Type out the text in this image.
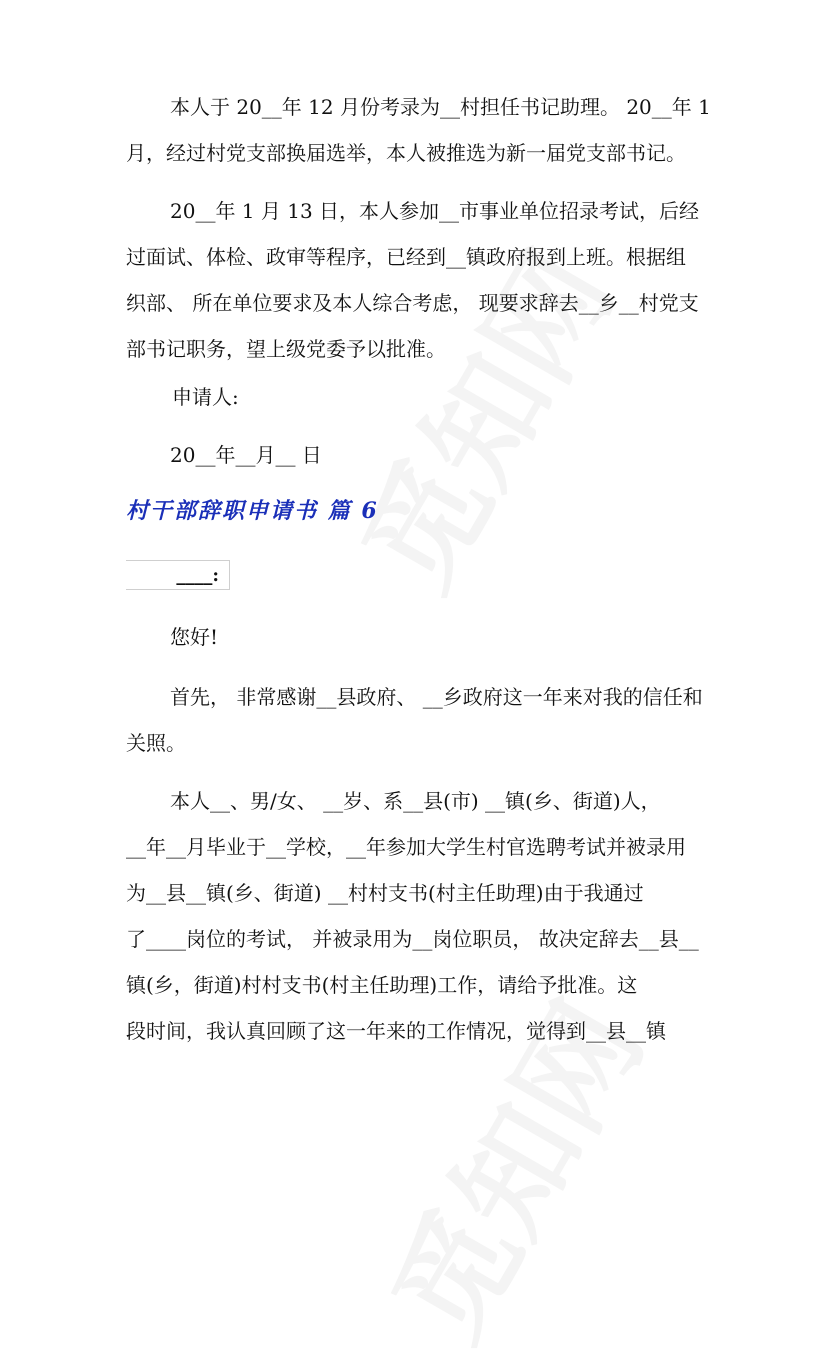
本人于 20__年 12 月份考录为__村担任书记助理。 20__年 1
月，经过村党支部换届选举，本人被推选为新一届党支部书记。
20__年 1 月 13 日，本人参加__市事业单位招录考试，后经
过面试、体检、政审等程序，已经到__镇政府报到上班。根据组
织部、 所在单位要求及本人综合考虑， 现要求辞去__乡__村党支
部书记职务，望上级党委予以批准。
申请人:
20__年__月__ 日
村干部辞职申请书 篇 6
____:
您好!
首先， 非常感谢__县政府、 __乡政府这一年来对我的信任和
关照。
本人__、男/女、 __岁、系__县(市) __镇(乡、街道)人，
__年__月毕业于__学校，__年参加大学生村官选聘考试并被录用
为__县__镇(乡、街道) __村村支书(村主任助理)由于我通过
了____岗位的考试， 并被录用为__岗位职员， 故决定辞去__县__
镇(乡，街道)村村支书(村主任助理)工作，请给予批准。这
段时间，我认真回顾了这一年来的工作情况，觉得到__县__镇
